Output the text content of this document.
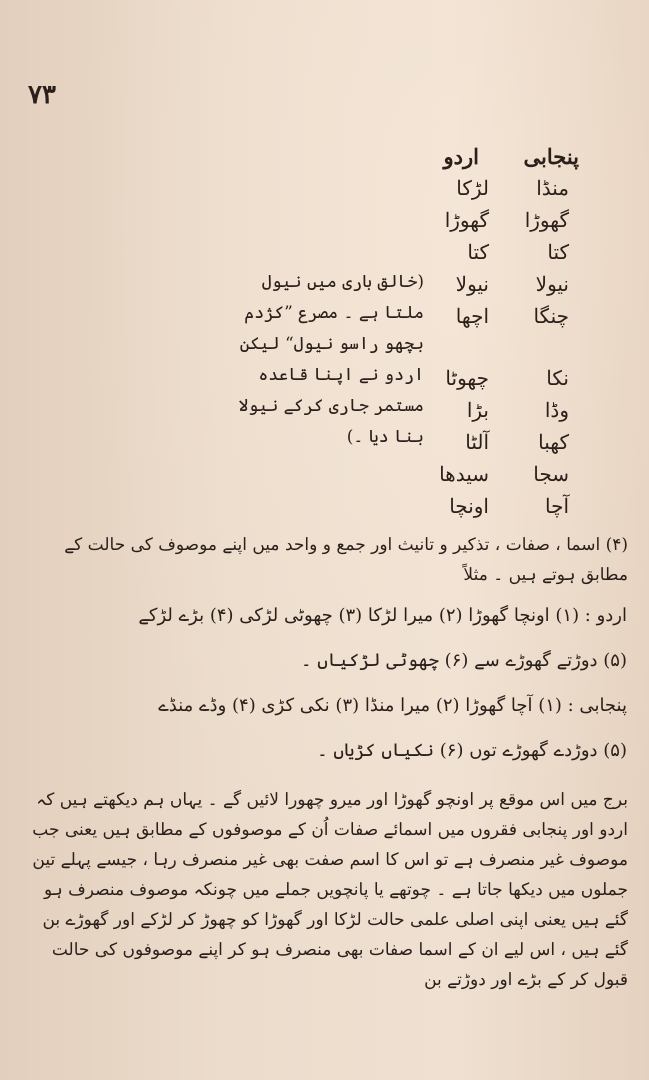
۷۳
پنجابی
اردو
منڈا
گھوڑا
کتا
نیولا
چنگا
لڑکا
گھوڑا
کتا
نیولا
اچھا
(خالق باری میں نیول ملتا ہے ۔ مصرع ”کژدم بچھو راسو نیول“ لیکن اردو نے اپنا قاعدہ مستمر جاری کرکے نیولا بنا دیا ۔)
نکا
وڈا
کھبا
سجا
آچا
چھوٹا
بڑا
آلٹا
سیدھا
اونچا
(۴) اسما ، صفات ، تذکیر و تانیث اور جمع و واحد میں اپنے موصوف کی حالت کے مطابق ہوتے ہیں ۔ مثلاً
اردو : (۱) اونچا گھوڑا (۲) میرا لڑکا (۳) چھوٹی لڑکی (۴) بڑے لڑکے
(۵) دوڑتے گھوڑے سے (۶) چھوٹی لڑکیاں ۔
پنجابی : (۱) آچا گھوڑا (۲) میرا منڈا (۳) نکی کڑی (۴) وڈے منڈے
(۵) دوڑدے گھوڑے توں (۶) نکیاں کڑیاں ۔
برج میں اس موقع پر اونچو گھوڑا اور میرو چھورا لائیں گے ۔ یہاں ہم دیکھتے ہیں کہ اردو اور پنجابی فقروں میں اسمائے صفات اُن کے موصوفوں کے مطابق ہیں یعنی جب موصوف غیر منصرف ہے تو اس کا اسم صفت بھی غیر منصرف رہا ، جیسے پہلے تین جملوں میں دیکھا جاتا ہے ۔ چوتھے یا پانچویں جملے میں چونکہ موصوف منصرف ہو گئے ہیں یعنی اپنی اصلی علمی حالت لڑکا اور گھوڑا کو چھوڑ کر لڑکے اور گھوڑے بن گئے ہیں ، اس لیے ان کے اسما صفات بھی منصرف ہو کر اپنے موصوفوں کی حالت قبول کر کے بڑے اور دوڑتے بن
